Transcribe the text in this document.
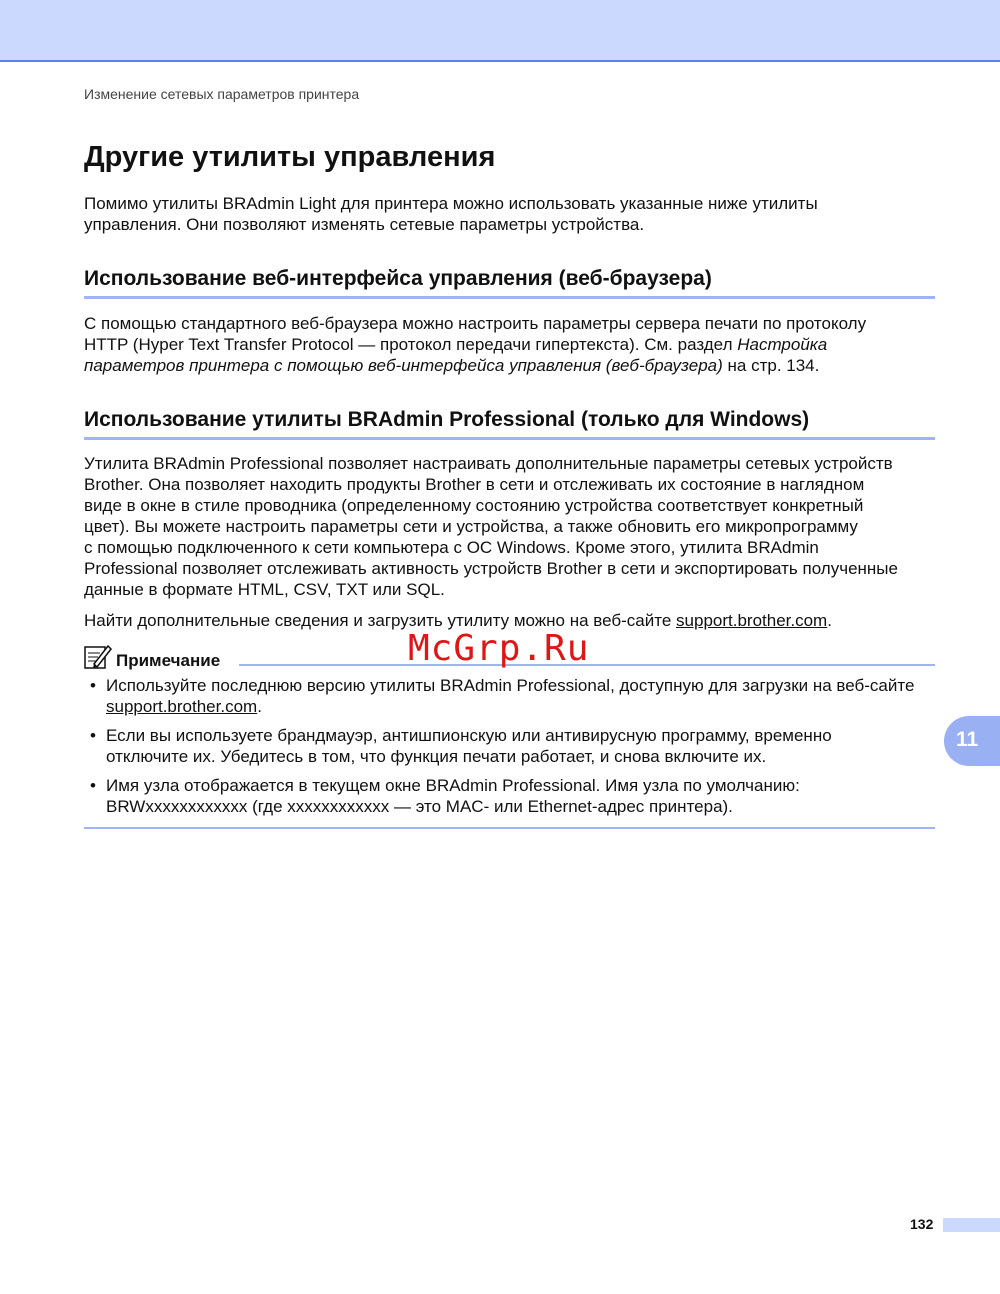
Изменение сетевых параметров принтера
Другие утилиты управления

Помимо утилиты BRAdmin Light для принтера можно использовать указанные ниже утилиты
управления. Они позволяют изменять сетевые параметры устройства.

Использование веб-интерфейса управления (веб-браузера)

С помощью стандартного веб-браузера можно настроить параметры сервера печати по протоколу
HTTP (Hyper Text Transfer Protocol — протокол передачи гипертекста). См. раздел Настройка
параметров принтера с помощью веб-интерфейса управления (веб-браузера) на стр. 134.

Использование утилиты BRAdmin Professional (только для Windows)

Утилита BRAdmin Professional позволяет настраивать дополнительные параметры сетевых устройств
Brother. Она позволяет находить продукты Brother в сети и отслеживать их состояние в наглядном
виде в окне в стиле проводника (определенному состоянию устройства соответствует конкретный
цвет). Вы можете настроить параметры сети и устройства, а также обновить его микропрограмму
с помощью подключенного к сети компьютера с ОС Windows. Кроме этого, утилита BRAdmin
Professional позволяет отслеживать активность устройств Brother в сети и экспортировать полученные
данные в формате HTML, CSV, TXT или SQL.

Найти дополнительные сведения и загрузить утилиту можно на веб-сайте support.brother.com.

Примечание	McGrp.Ru

• Используйте последнюю версию утилиты BRAdmin Professional, доступную для загрузки на веб-сайте
support.brother.com.

• Если вы используете брандмауэр, антишпионскую или антивирусную программу, временно
отключите их. Убедитесь в том, что функция печати работает, и снова включите их.

• Имя узла отображается в текущем окне BRAdmin Professional. Имя узла по умолчанию:
BRWxxxxxxxxxxxx (где xxxxxxxxxxxx — это MAC- или Ethernet-адрес принтера).

11
132
